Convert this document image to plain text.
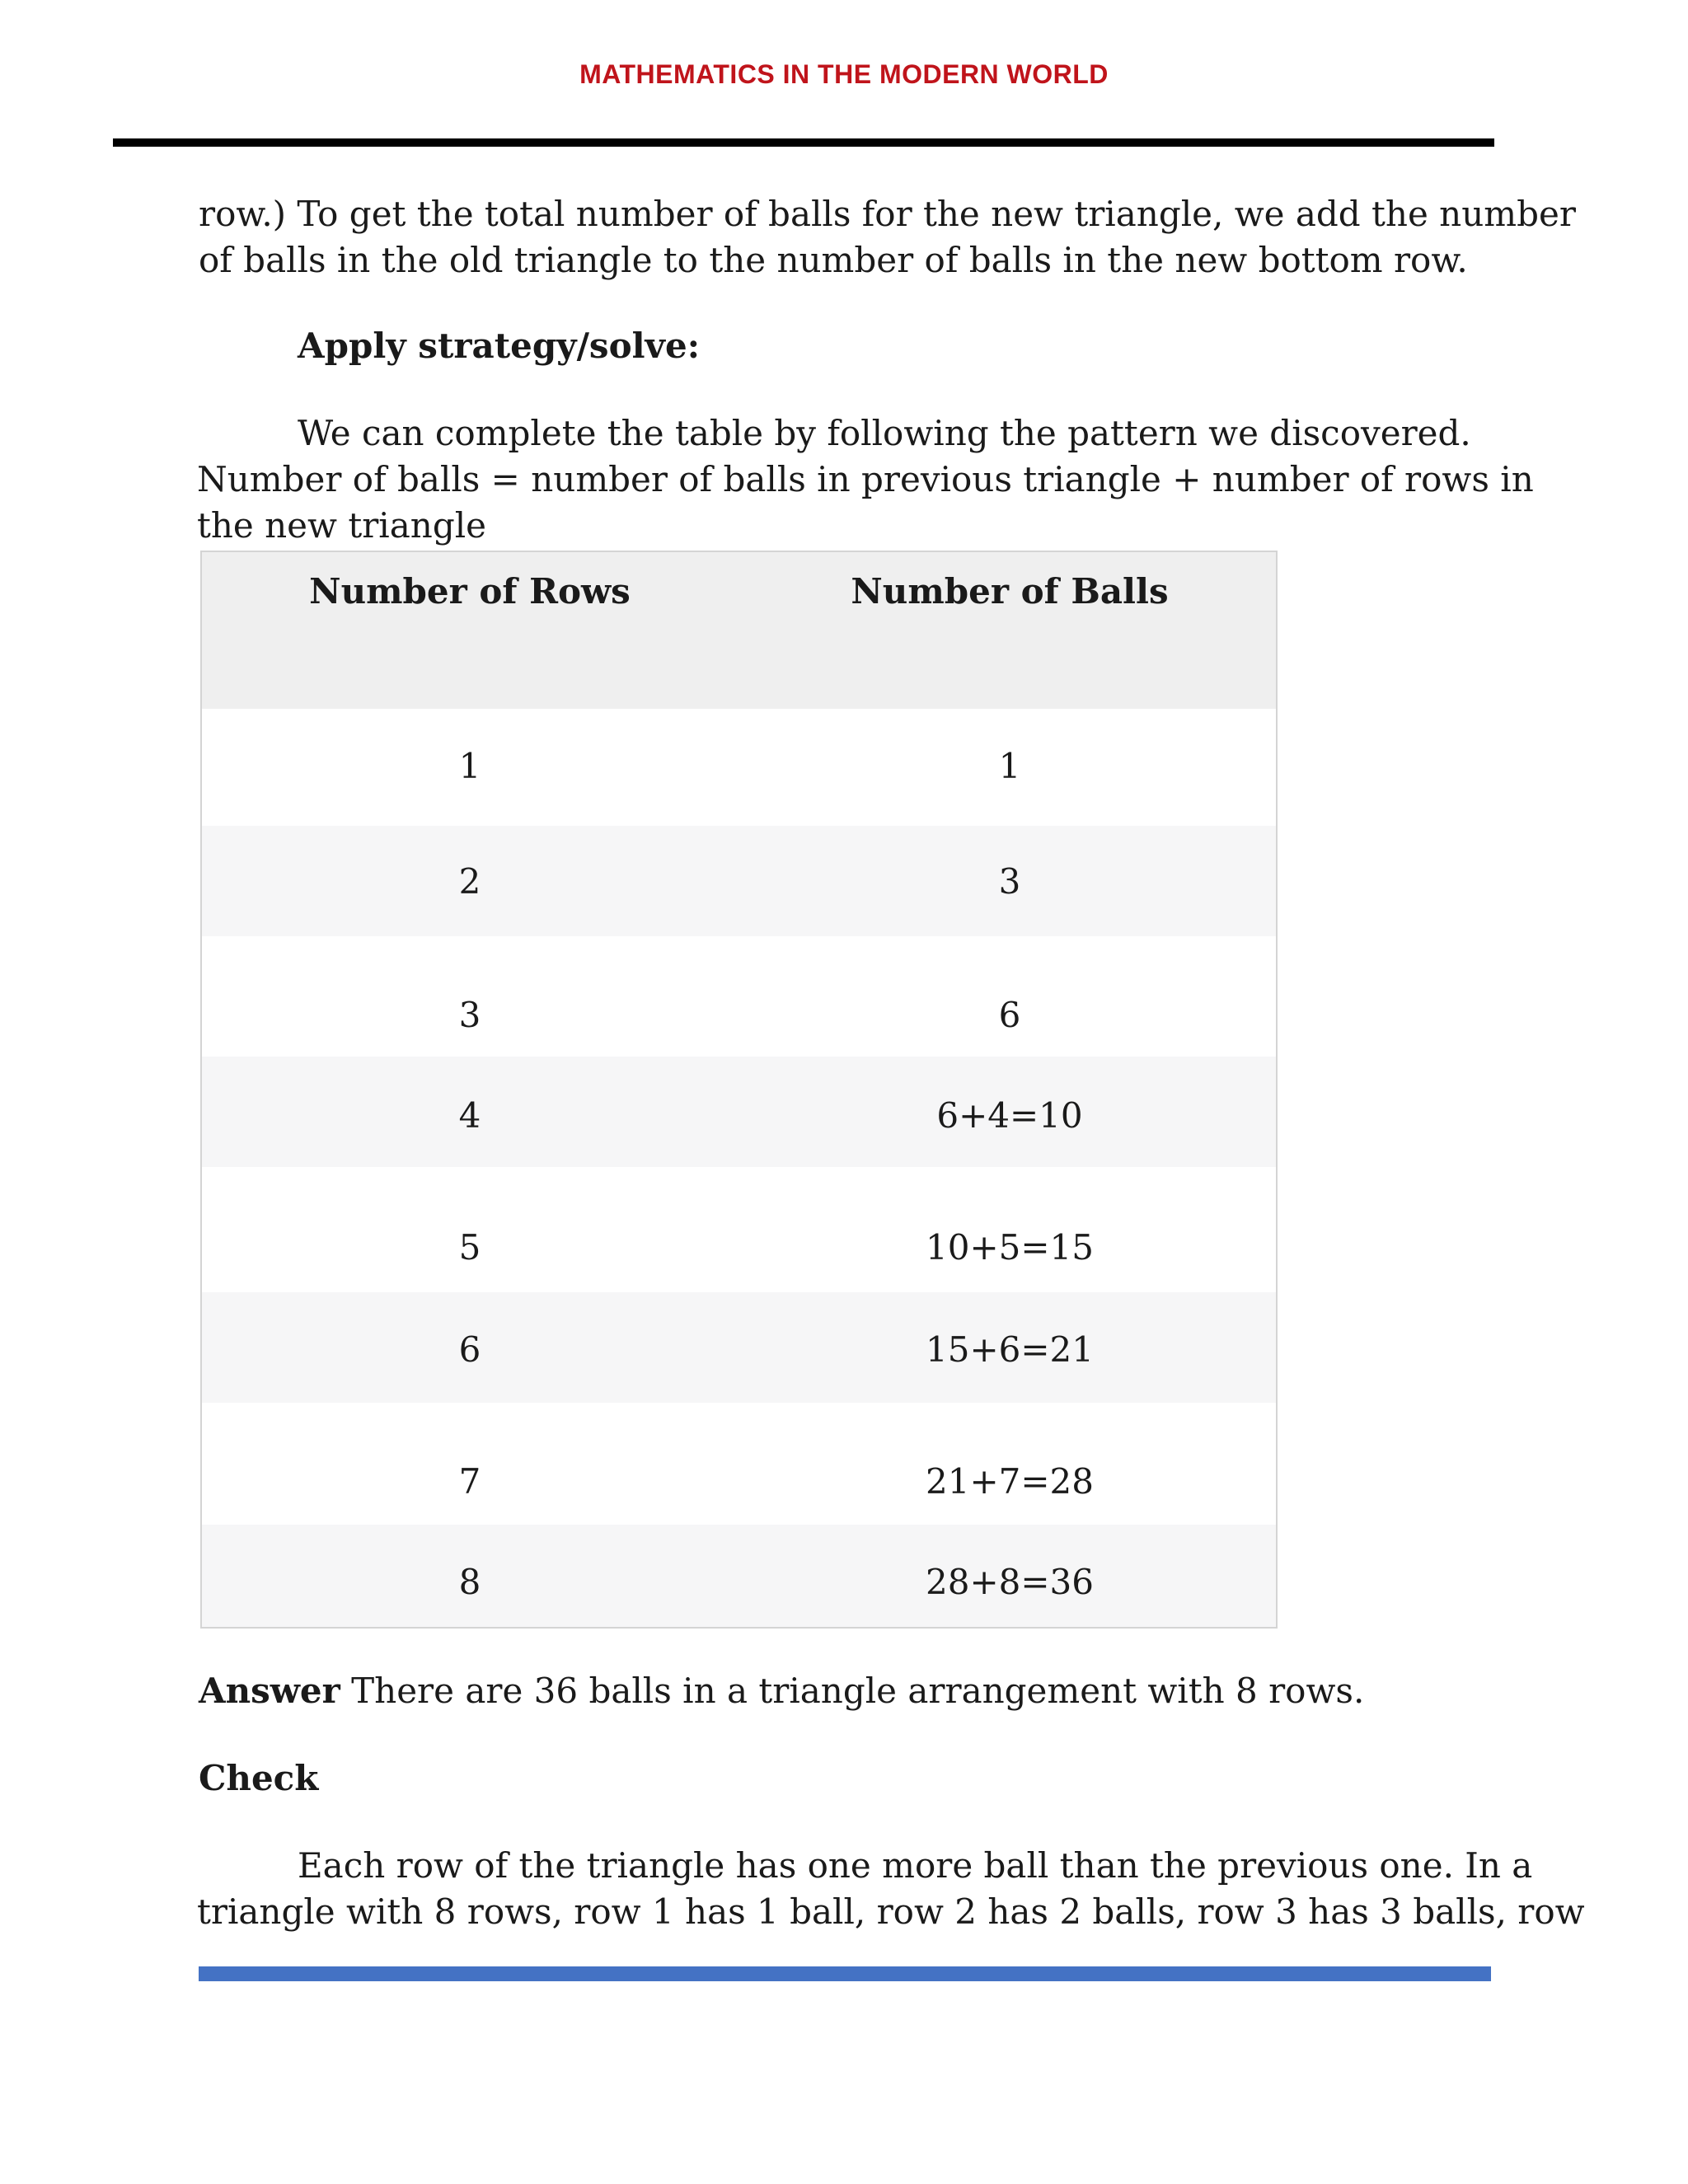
MATHEMATICS IN THE MODERN WORLD
row.) To get the total number of balls for the new triangle, we add the number
of balls in the old triangle to the number of balls in the new bottom row.
Apply strategy/solve:
We can complete the table by following the pattern we discovered.
Number of balls = number of balls in previous triangle + number of rows in
the new triangle
Number of Rows	Number of Balls
1	1
2	3
3	6
4	6+4=10
5	10+5=15
6	15+6=21
7	21+7=28
8	28+8=36
Answer There are 36 balls in a triangle arrangement with 8 rows.
Check
Each row of the triangle has one more ball than the previous one. In a
triangle with 8 rows, row 1 has 1 ball, row 2 has 2 balls, row 3 has 3 balls, row
